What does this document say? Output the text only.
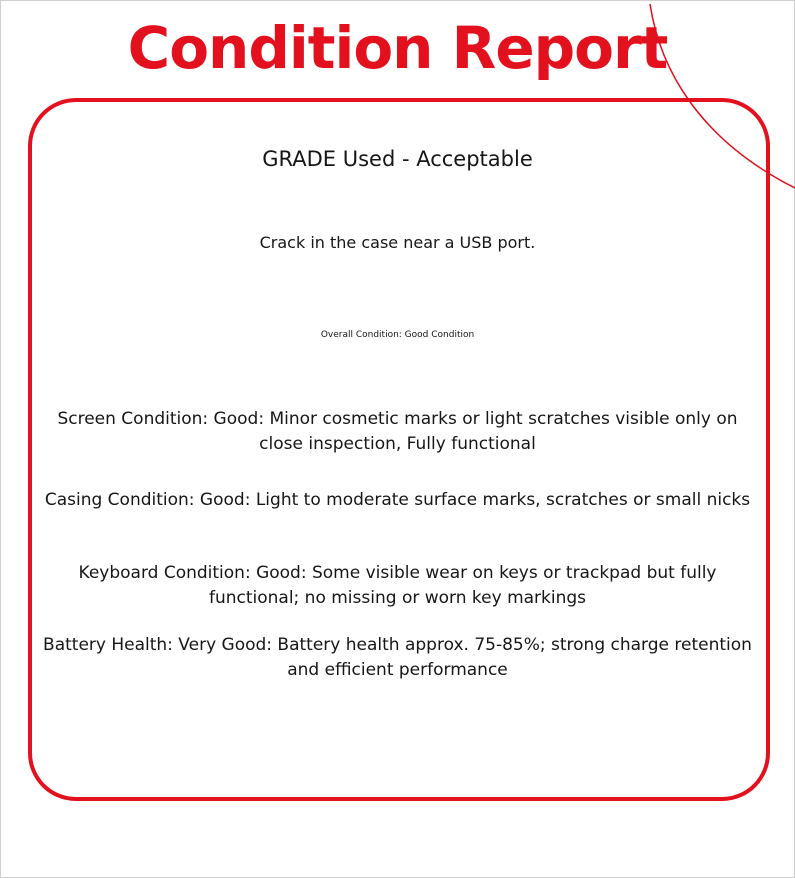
Condition Report
GRADE Used - Acceptable
Crack in the case near a USB port.
Overall Condition: Good Condition
Screen Condition: Good: Minor cosmetic marks or light scratches visible only on close inspection, Fully functional
Casing Condition: Good: Light to moderate surface marks, scratches or small nicks
Keyboard Condition: Good: Some visible wear on keys or trackpad but fully functional; no missing or worn key markings
Battery Health: Very Good: Battery health approx. 75-85%; strong charge retention and efficient performance
